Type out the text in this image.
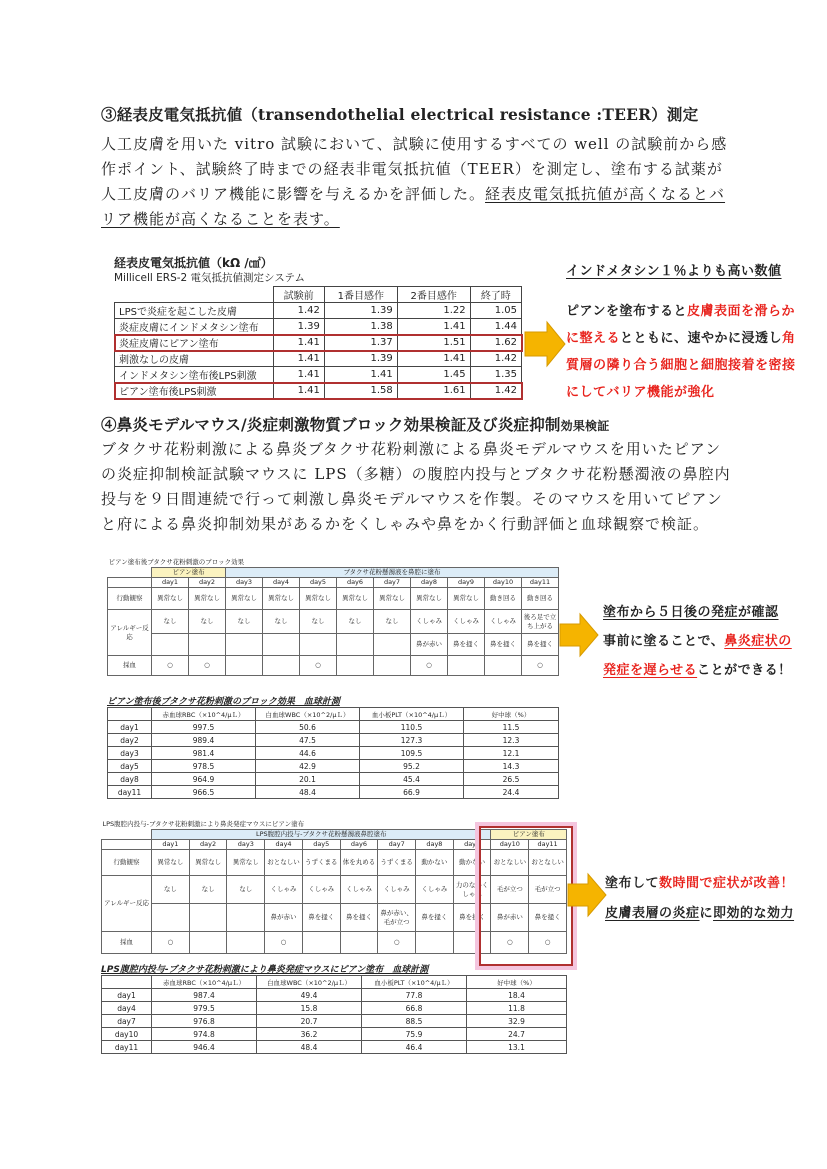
③経表皮電気抵抗値（transendothelial electrical resistance :TEER）測定
人工皮膚を用いた vitro 試験において、試験に使用するすべての well の試験前から感作ポイント、試験終了時までの経表非電気抵抗値（TEER）を測定し、塗布する試薬が人工皮膚のバリア機能に影響を与えるかを評価した。経表皮電気抵抗値が高くなるとバリア機能が高くなることを表す。
経表皮電気抵抗値（kΩ /㎠）
Millicell ERS-2 電気抵抗値測定システム
	試験前	1番目感作	2番目感作	終了時
LPSで炎症を起こした皮膚	1.42	1.39	1.22	1.05
炎症皮膚にインドメタシン塗布	1.39	1.38	1.41	1.44
炎症皮膚にピアン塗布	1.41	1.37	1.51	1.62
刺激なしの皮膚	1.41	1.39	1.41	1.42
インドメタシン塗布後LPS刺激	1.41	1.41	1.45	1.35
ピアン塗布後LPS刺激	1.41	1.58	1.61	1.42
インドメタシン１％よりも高い数値
ピアンを塗布すると皮膚表面を滑らか
に整えるとともに、速やかに浸透し角
質層の隣り合う細胞と細胞接着を密接
にしてバリア機能が強化
④鼻炎モデルマウス/炎症刺激物質ブロック効果検証及び炎症抑制効果検証
ブタクサ花粉刺激による鼻炎ブタクサ花粉刺激による鼻炎モデルマウスを用いたピアンの炎症抑制検証試験マウスに LPS（多糖）の腹腔内投与とブタクサ花粉懸濁液の鼻腔内投与を９日間連続で行って刺激し鼻炎モデルマウスを作製。そのマウスを用いてピアンと府による鼻炎抑制効果があるかをくしゃみや鼻をかく行動評価と血球観察で検証。
ピアン塗布後ブタクサ花粉刺激のブロック効果											
	ピアン塗布		ブタクサ花粉懸濁液を鼻腔に塗布								
	day1	day2	day3	day4	day5	day6	day7	day8	day9	day10	day11
行動観察	異常なし	異常なし	異常なし	異常なし	異常なし	異常なし	異常なし	異常なし	異常なし	動き回る	動き回る
アレルギー反応	なし	なし	なし	なし	なし	なし	なし	くしゃみ	くしゃみ	くしゃみ	後ろ足で立ち上がる
								鼻が赤い	鼻を掻く	鼻を掻く	鼻を掻く
採血	○	○			○			○			○
塗布から５日後の発症が確認
事前に塗ることで、鼻炎症状の
発症を遅らせることができる！
ピアン塗布後ブタクサ花粉刺激のブロック効果　血球計測
	赤血球RBC（×10^4/μＬ）	白血球WBC（×10^2/μＬ）	血小板PLT（×10^4/μＬ）	好中球（%）
day1	997.5	50.6	110.5	11.5
day2	989.4	47.5	127.3	12.3
day3	981.4	44.6	109.5	12.1
day5	978.5	42.9	95.2	14.3
day8	964.9	20.1	45.4	26.5
day11	966.5	48.4	66.9	24.4
LPS腹腔内投与-ブタクサ花粉刺激により鼻炎発症マウスにピアン塗布											
	LPS腹腔内投与-ブタクサ花粉懸濁液鼻腔塗布									ピアン塗布	
	day1	day2	day3	day4	day5	day6	day7	day8	day9	day10	day11
行動観察	異常なし	異常なし	異常なし	おとなしい	うずくまる	体を丸める	うずくまる	動かない	動かない	おとなしい	おとなしい
アレルギー反応	なし	なし	なし	くしゃみ	くしゃみ	くしゃみ	くしゃみ	くしゃみ	力のないくしゃみ	毛が立つ	毛が立つ
				鼻が赤い	鼻を掻く	鼻を掻く	鼻が赤い、毛が立つ	鼻を掻く	鼻を掻く	鼻が赤い	鼻を掻く
採血	○			○			○			○	○
塗布して数時間で症状が改善！
皮膚表層の炎症に即効的な効力
LPS腹腔内投与-ブタクサ花粉刺激により鼻炎発症マウスにピアン塗布　血球計測
	赤血球RBC（×10^4/μＬ）	白血球WBC（×10^2/μＬ）	血小板PLT（×10^4/μＬ）	好中球（%）
day1	987.4	49.4	77.8	18.4
day4	979.5	15.8	66.8	11.8
day7	976.8	20.7	88.5	32.9
day10	974.8	36.2	75.9	24.7
day11	946.4	48.4	46.4	13.1
